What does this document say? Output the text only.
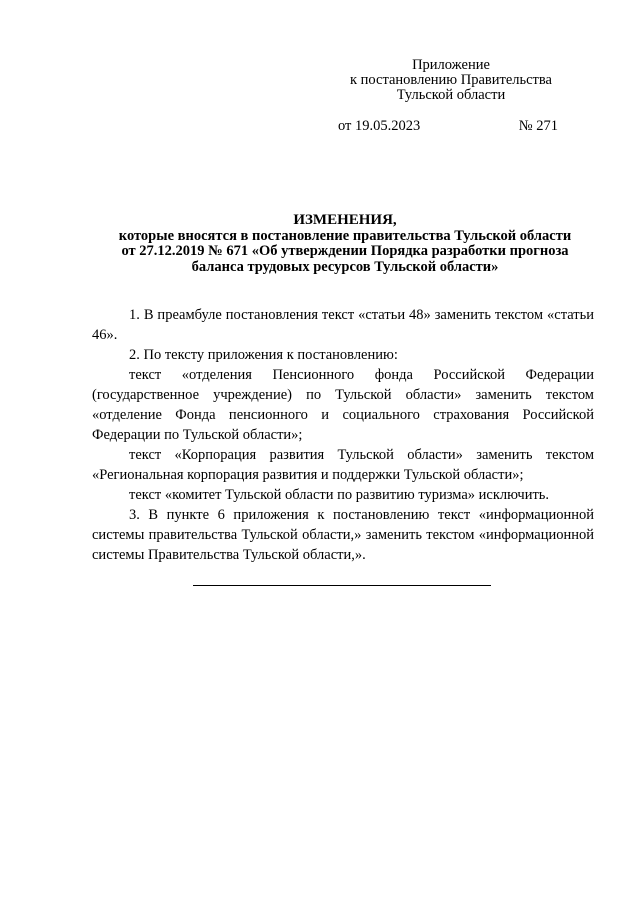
Приложение
к постановлению Правительства
Тульской области
от 19.05.2023	№ 271
ИЗМЕНЕНИЯ,
которые вносятся в постановление правительства Тульской области
от 27.12.2019 № 671 «Об утверждении Порядка разработки прогноза
баланса трудовых ресурсов Тульской области»

1. В преамбуле постановления текст «статьи 48» заменить текстом «статьи 46».

2. По тексту приложения к постановлению:

текст «отделения Пенсионного фонда Российской Федерации (государственное учреждение) по Тульской области» заменить текстом «отделение Фонда пенсионного и социального страхования Российской Федерации по Тульской области»;

текст «Корпорация развития Тульской области» заменить текстом «Региональная корпорация развития и поддержки Тульской области»;

текст «комитет Тульской области по развитию туризма» исключить.

3. В пункте 6 приложения к постановлению текст «информационной системы правительства Тульской области,» заменить текстом «информационной системы Правительства Тульской области,».
